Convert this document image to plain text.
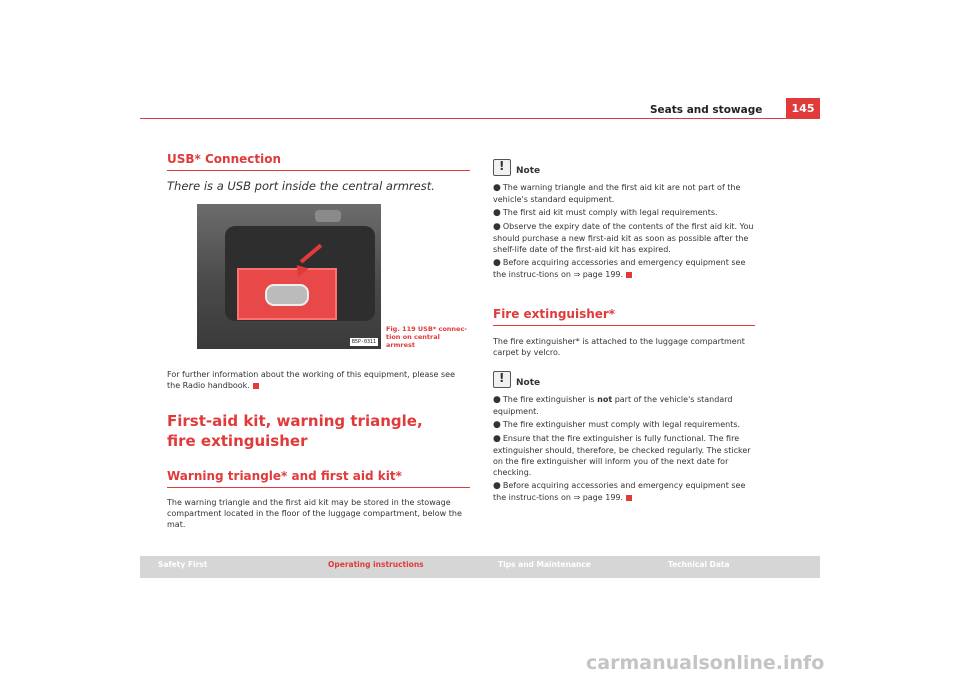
Seats and stowage	145
USB* Connection
There is a USB port inside the central armrest.
B5P-0311
Fig. 119 USB* connec-tion on central armrest

For further information about the working of this equipment, please see the Radio handbook.

First-aid kit, warning triangle, fire extinguisher
Warning triangle* and first aid kit*

The warning triangle and the first aid kit may be stored in the stowage compartment located in the floor of the luggage compartment, below the mat.

!
Note
● The warning triangle and the first aid kit are not part of the vehicle's standard equipment.
● The first aid kit must comply with legal requirements.
● Observe the expiry date of the contents of the first aid kit. You should purchase a new first-aid kit as soon as possible after the shelf-life date of the first-aid kit has expired.
● Before acquiring accessories and emergency equipment see the instruc-tions on ⇒ page 199.
Fire extinguisher*

The fire extinguisher* is attached to the luggage compartment carpet by velcro.

!
Note
● The fire extinguisher is not part of the vehicle's standard equipment.
● The fire extinguisher must comply with legal requirements.
● Ensure that the fire extinguisher is fully functional. The fire extinguisher should, therefore, be checked regularly. The sticker on the fire extinguisher will inform you of the next date for checking.
● Before acquiring accessories and emergency equipment see the instruc-tions on ⇒ page 199.
Safety First	Operating instructions	Tips and Maintenance	Technical Data
carmanualsonline.info
